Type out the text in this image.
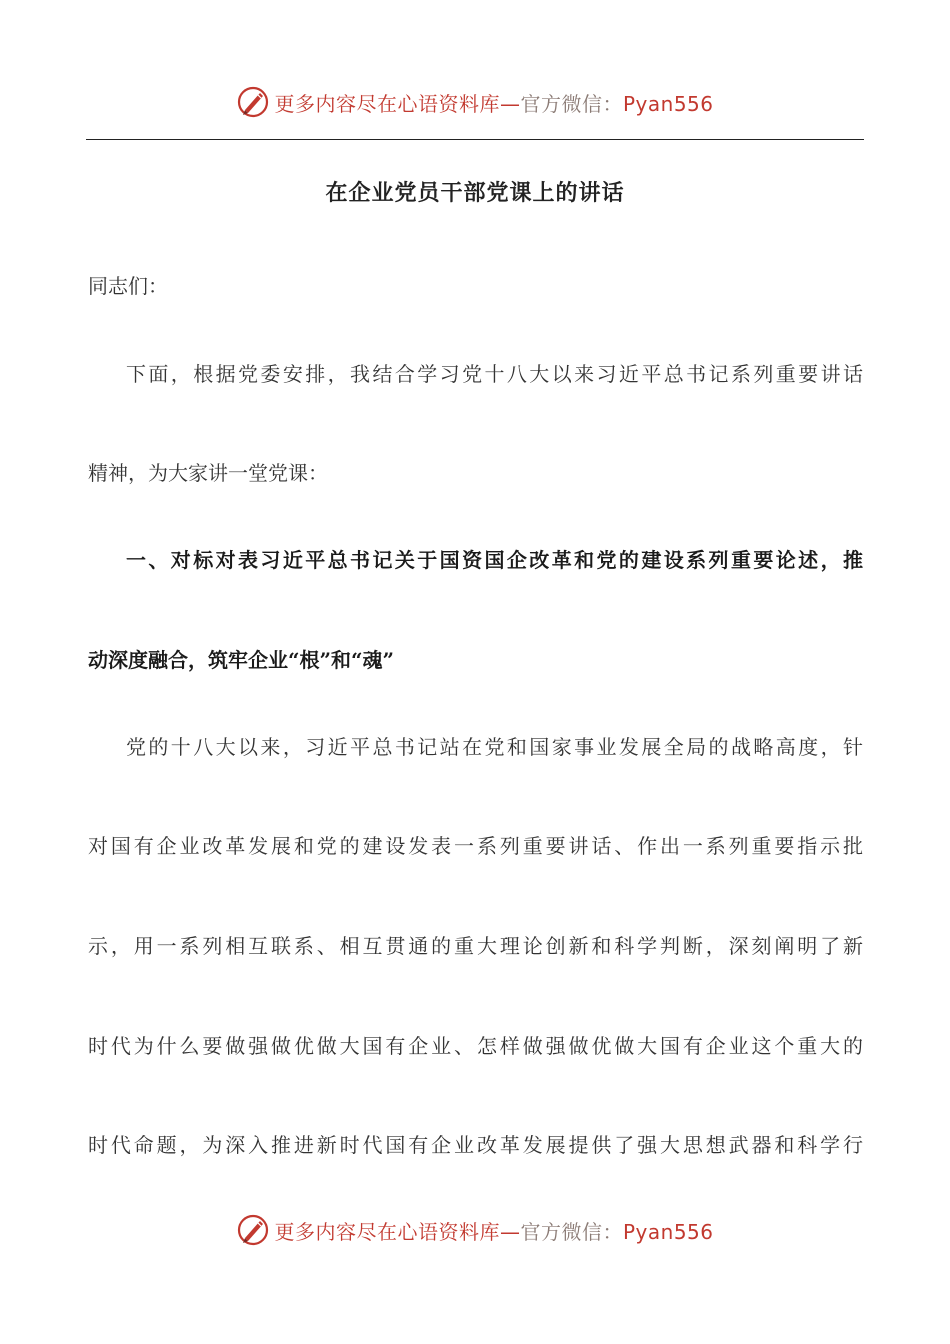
更多内容尽在心语资料库—官方微信：Pyan556
在企业党员干部党课上的讲话
同志们：
下面，根据党委安排，我结合学习党十八大以来习近平总书记系列重要讲话
精神，为大家讲一堂党课：
一、对标对表习近平总书记关于国资国企改革和党的建设系列重要论述，推
动深度融合，筑牢企业“根”和“魂”
党的十八大以来，习近平总书记站在党和国家事业发展全局的战略高度，针
对国有企业改革发展和党的建设发表一系列重要讲话、作出一系列重要指示批
示，用一系列相互联系、相互贯通的重大理论创新和科学判断，深刻阐明了新
时代为什么要做强做优做大国有企业、怎样做强做优做大国有企业这个重大的
时代命题，为深入推进新时代国有企业改革发展提供了强大思想武器和科学行
更多内容尽在心语资料库—官方微信：Pyan556
